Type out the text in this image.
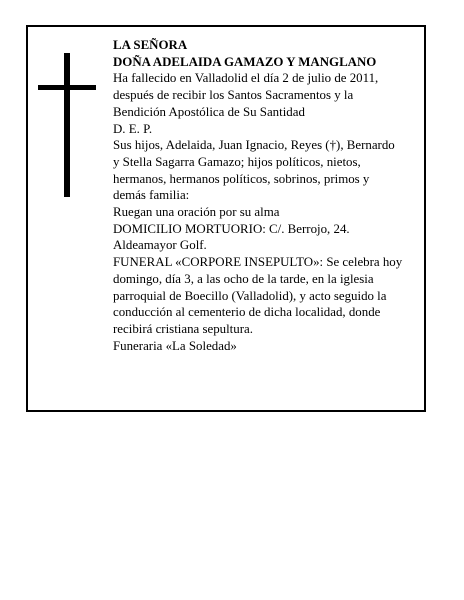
LA SEÑORA
DOÑA ADELAIDA GAMAZO Y MANGLANO
Ha fallecido en Valladolid el día 2 de julio de 2011,
después de recibir los Santos Sacramentos y la
Bendición Apostólica de Su Santidad
D. E. P.
Sus hijos, Adelaida, Juan Ignacio, Reyes (†), Bernardo
y Stella Sagarra Gamazo; hijos políticos, nietos,
hermanos, hermanos políticos, sobrinos, primos y
demás familia:
Ruegan una oración por su alma
DOMICILIO MORTUORIO: C/. Berrojo, 24.
Aldeamayor Golf.
FUNERAL «CORPORE INSEPULTO»: Se celebra hoy
domingo, día 3, a las ocho de la tarde, en la iglesia
parroquial de Boecillo (Valladolid), y acto seguido la
conducción al cementerio de dicha localidad, donde
recibirá cristiana sepultura.
Funeraria «La Soledad»
